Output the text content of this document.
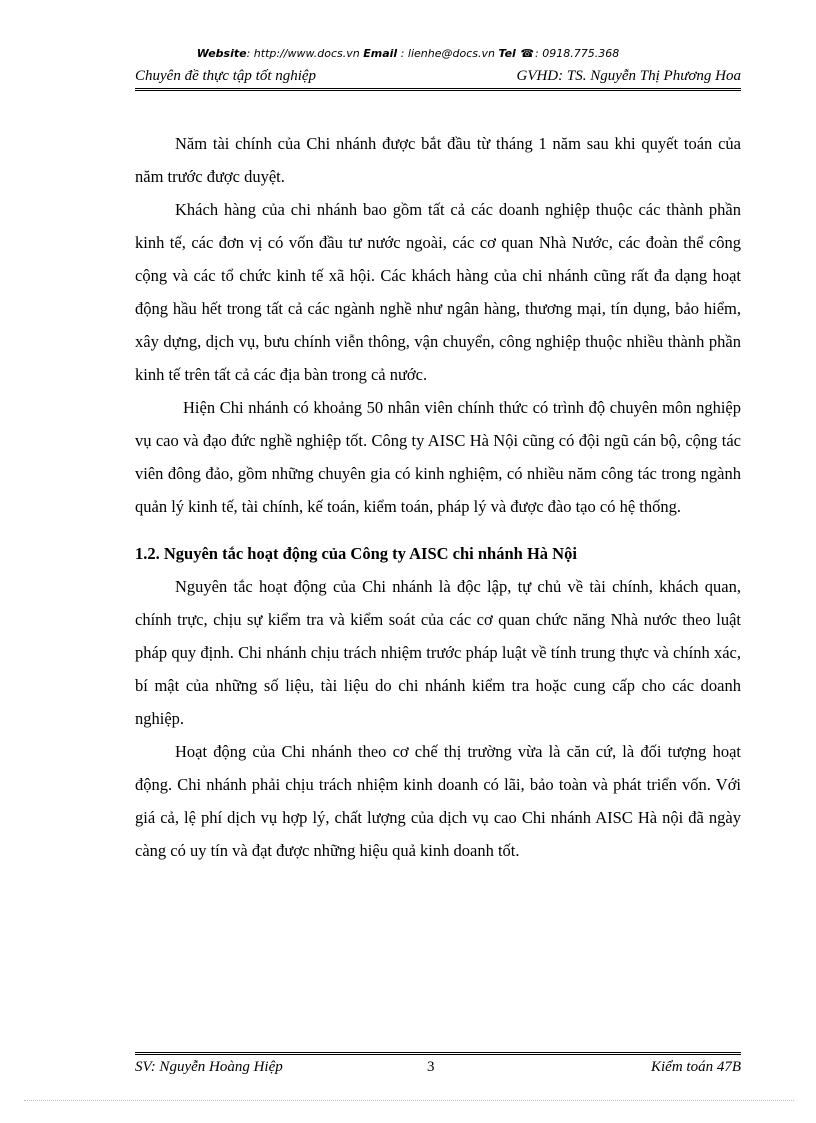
Website: http://www.docs.vn Email : lienhe@docs.vn Tel ☎: 0918.775.368
Chuyên đề thực tập tốt nghiệp	GVHD: TS. Nguyễn Thị Phương Hoa

Năm tài chính của Chi nhánh được bắt đầu từ tháng 1 năm sau khi quyết toán của năm trước được duyệt.

Khách hàng của chi nhánh bao gồm tất cả các doanh nghiệp thuộc các thành phần kinh tế, các đơn vị có vốn đầu tư nước ngoài, các cơ quan Nhà Nước, các đoàn thể công cộng và các tổ chức kinh tế xã hội. Các khách hàng của chi nhánh cũng rất đa dạng hoạt động hầu hết trong tất cả các ngành nghề như ngân hàng, thương mại, tín dụng, bảo hiểm, xây dựng, dịch vụ, bưu chính viễn thông, vận chuyển, công nghiệp thuộc nhiều thành phần kinh tế trên tất cả các địa bàn trong cả nước.

Hiện Chi nhánh có khoảng 50 nhân viên chính thức có trình độ chuyên môn nghiệp vụ cao và đạo đức nghề nghiệp tốt. Công ty AISC Hà Nội cũng có đội ngũ cán bộ, cộng tác viên đông đảo, gồm những chuyên gia có kinh nghiệm, có nhiều năm công tác trong ngành quản lý kinh tế, tài chính, kế toán, kiểm toán, pháp lý và được đào tạo có hệ thống.

1.2. Nguyên tắc hoạt động của Công ty AISC chi nhánh Hà Nội

Nguyên tắc hoạt động của Chi nhánh là độc lập, tự chủ về tài chính, khách quan, chính trực, chịu sự kiểm tra và kiểm soát của các cơ quan chức năng Nhà nước theo luật pháp quy định. Chi nhánh chịu trách nhiệm trước pháp luật về tính trung thực và chính xác, bí mật của những số liệu, tài liệu do chi nhánh kiểm tra hoặc cung cấp cho các doanh nghiệp.

Hoạt động của Chi nhánh theo cơ chế thị trường vừa là căn cứ, là đối tượng hoạt động. Chi nhánh phải chịu trách nhiệm kinh doanh có lãi, bảo toàn và phát triển vốn. Với giá cả, lệ phí dịch vụ hợp lý, chất lượng của dịch vụ cao Chi nhánh AISC Hà nội đã ngày càng có uy tín và đạt được những hiệu quả kinh doanh tốt.

SV: Nguyễn Hoàng Hiệp	3	Kiểm toán 47B
